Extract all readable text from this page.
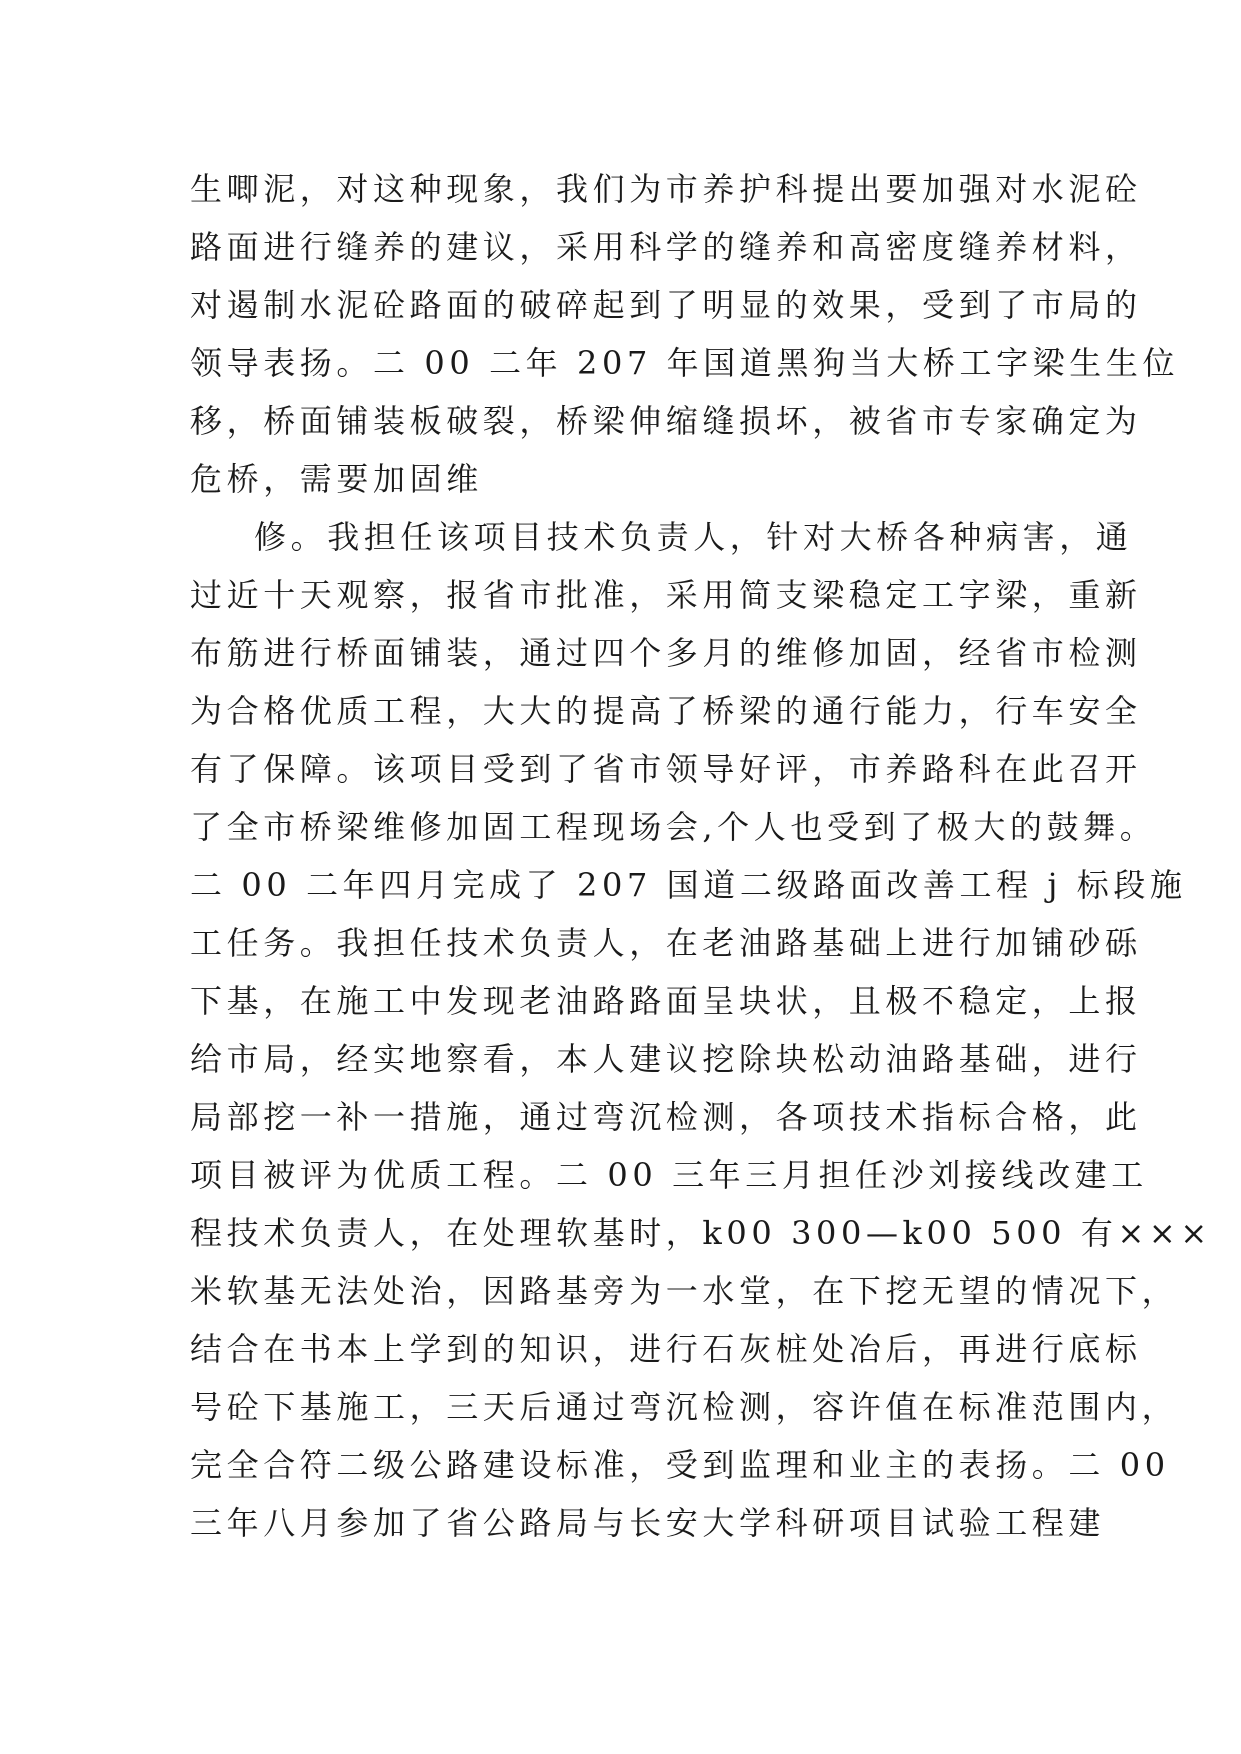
生唧泥，对这种现象，我们为市养护科提出要加强对水泥砼
路面进行缝养的建议，采用科学的缝养和高密度缝养材料，
对遏制水泥砼路面的破碎起到了明显的效果，受到了市局的
领导表扬。二 00 二年 207 年国道黑狗当大桥工字梁生生位
移，桥面铺装板破裂，桥梁伸缩缝损坏，被省市专家确定为
危桥，需要加固维
修。我担任该项目技术负责人，针对大桥各种病害，通
过近十天观察，报省市批准，采用简支梁稳定工字梁，重新
布筋进行桥面铺装，通过四个多月的维修加固，经省市检测
为合格优质工程，大大的提高了桥梁的通行能力，行车安全
有了保障。该项目受到了省市领导好评，市养路科在此召开
了全市桥梁维修加固工程现场会,个人也受到了极大的鼓舞。
二 00 二年四月完成了 207 国道二级路面改善工程 j 标段施
工任务。我担任技术负责人，在老油路基础上进行加铺砂砾
下基，在施工中发现老油路路面呈块状，且极不稳定，上报
给市局，经实地察看，本人建议挖除块松动油路基础，进行
局部挖一补一措施，通过弯沉检测，各项技术指标合格，此
项目被评为优质工程。二 00 三年三月担任沙刘接线改建工
程技术负责人，在处理软基时，k00 300—k00 500 有×××
米软基无法处治，因路基旁为一水堂，在下挖无望的情况下，
结合在书本上学到的知识，进行石灰桩处冶后，再进行底标
号砼下基施工，三天后通过弯沉检测，容许值在标准范围内，
完全合符二级公路建设标准，受到监理和业主的表扬。二 00
三年八月参加了省公路局与长安大学科研项目试验工程建
